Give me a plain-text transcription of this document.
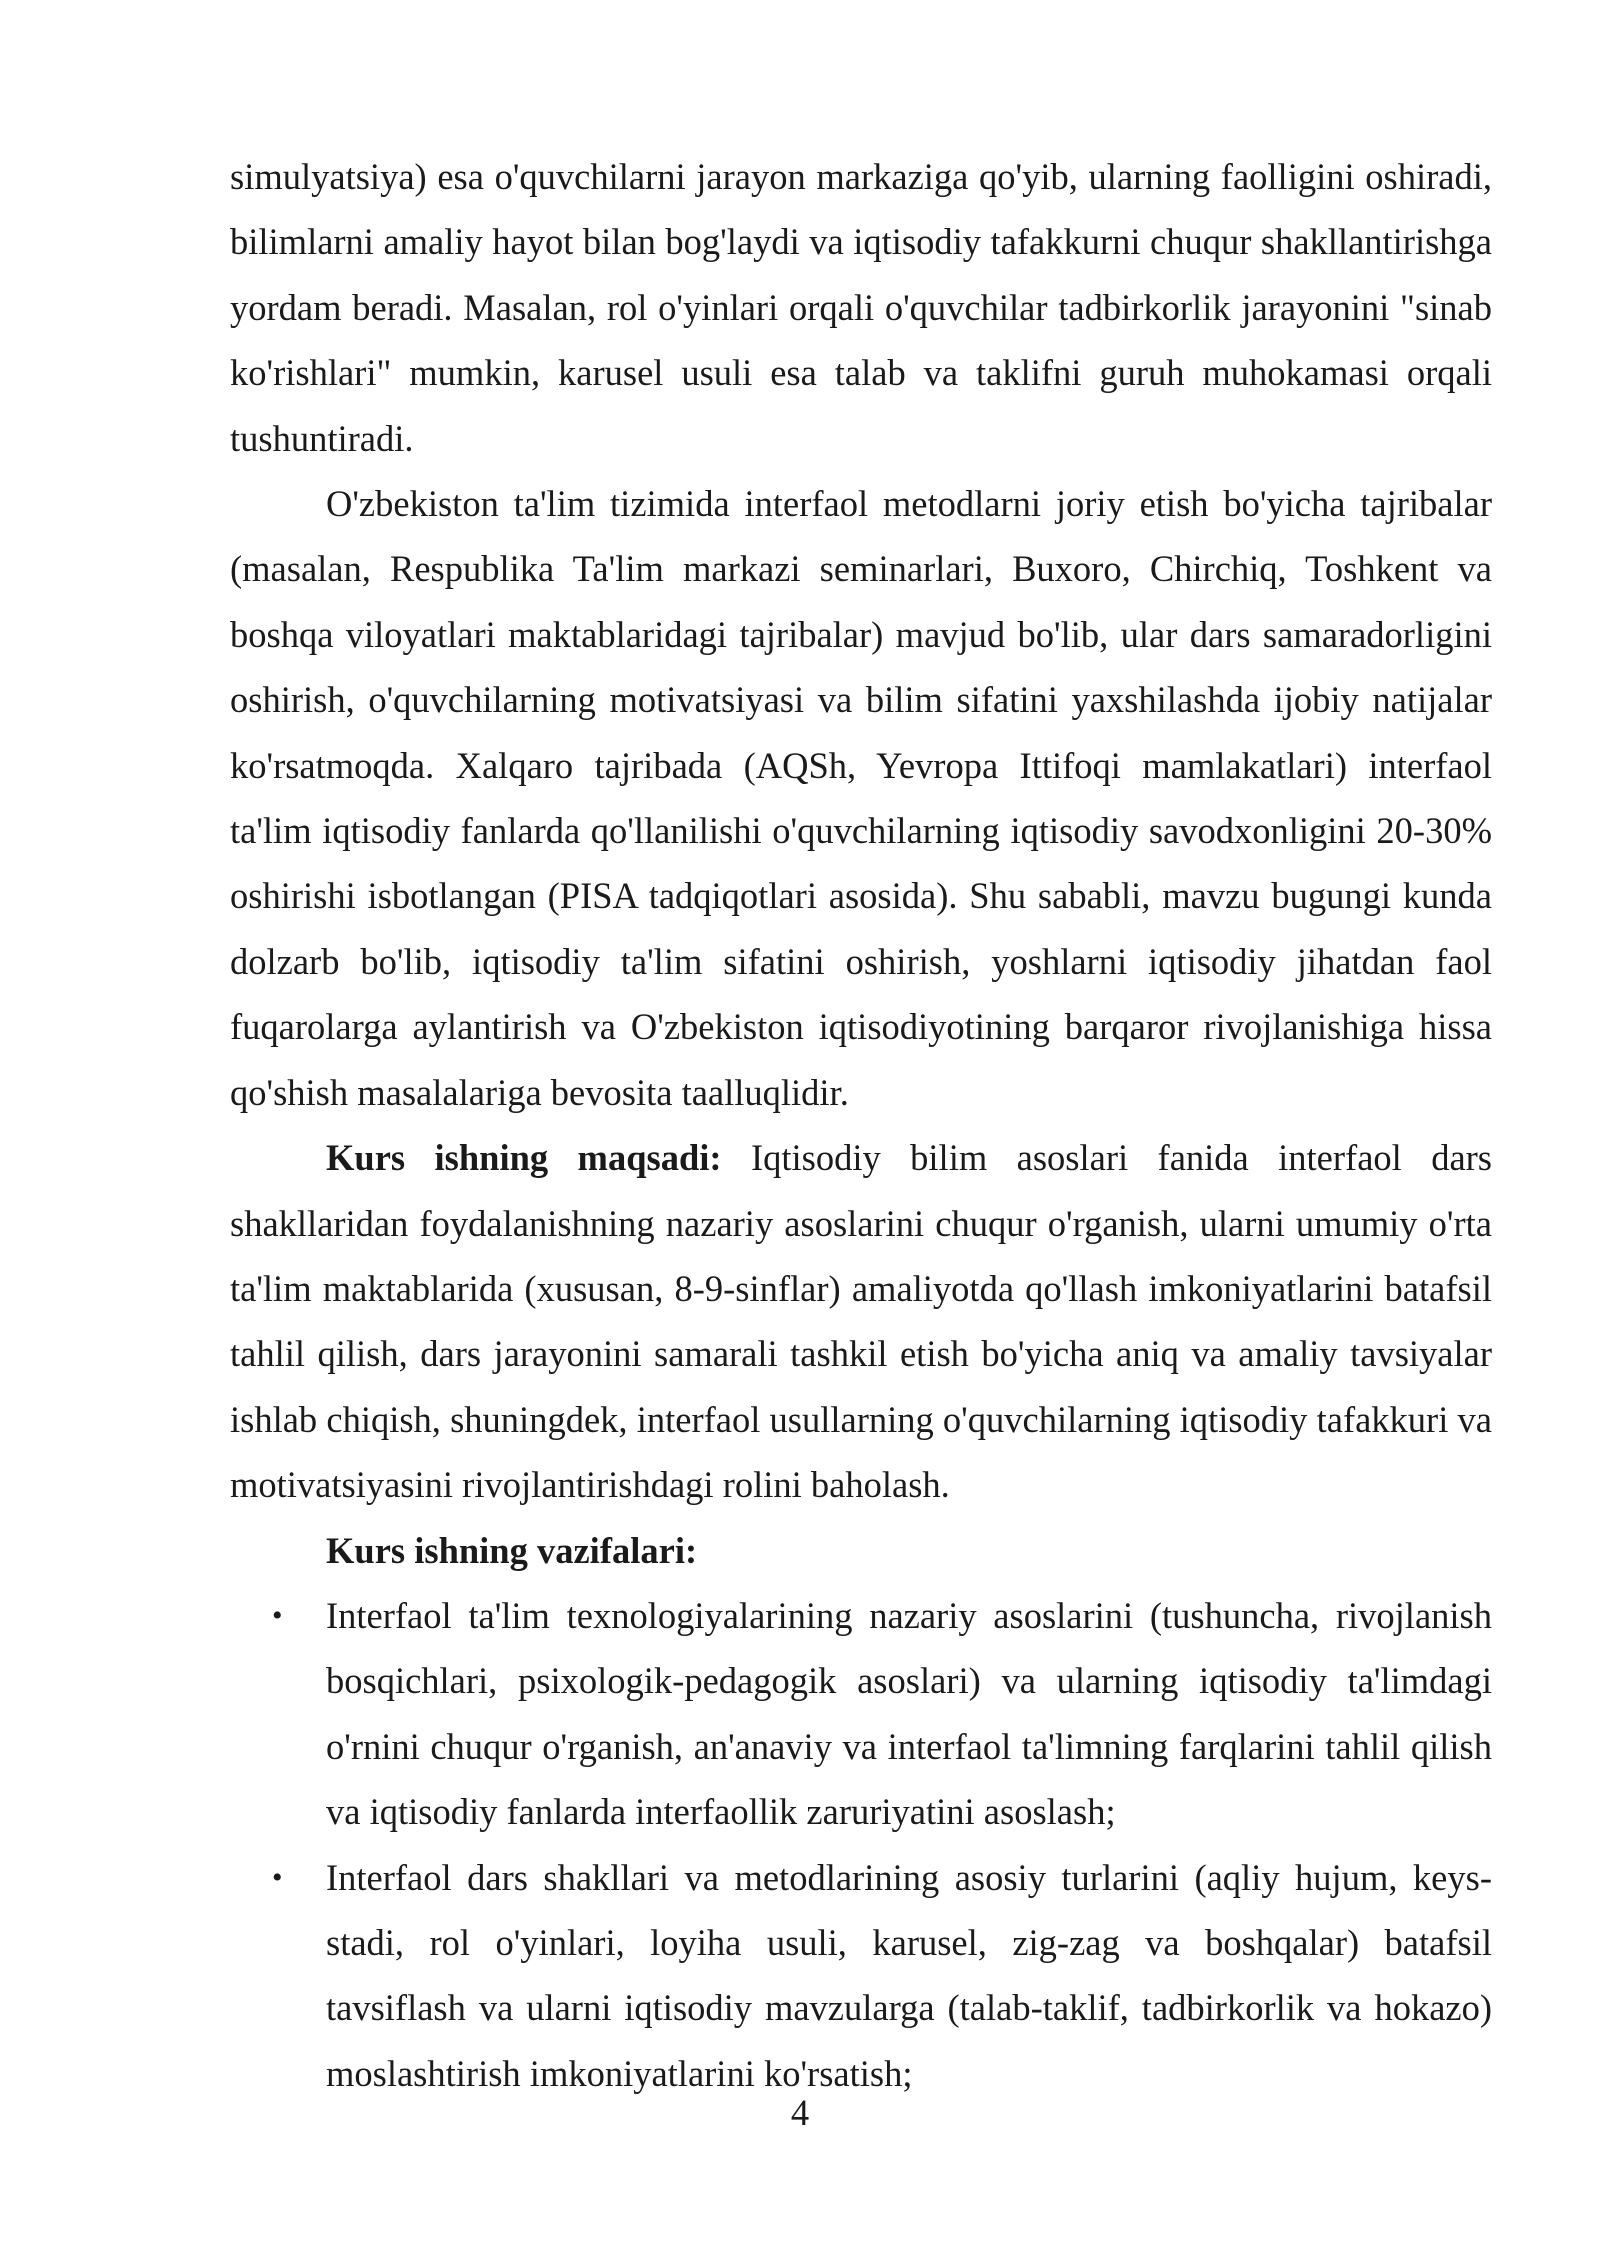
simulyatsiya) esa o'quvchilarni jarayon markaziga qo'yib, ularning faolligini oshiradi, bilimlarni amaliy hayot bilan bog'laydi va iqtisodiy tafakkurni chuqur shakllantirishga yordam beradi. Masalan, rol o'yinlari orqali o'quvchilar tadbirkorlik jarayonini "sinab ko'rishlari" mumkin, karusel usuli esa talab va taklifni guruh muhokamasi orqali tushuntiradi.

O'zbekiston ta'lim tizimida interfaol metodlarni joriy etish bo'yicha tajribalar (masalan, Respublika Ta'lim markazi seminarlari, Buxoro, Chirchiq, Toshkent va boshqa viloyatlari maktablaridagi tajribalar) mavjud bo'lib, ular dars samaradorligini oshirish, o'quvchilarning motivatsiyasi va bilim sifatini yaxshilashda ijobiy natijalar ko'rsatmoqda. Xalqaro tajribada (AQSh, Yevropa Ittifoqi mamlakatlari) interfaol ta'lim iqtisodiy fanlarda qo'llanilishi o'quvchilarning iqtisodiy savodxonligini 20-30% oshirishi isbotlangan (PISA tadqiqotlari asosida). Shu sababli, mavzu bugungi kunda dolzarb bo'lib, iqtisodiy ta'lim sifatini oshirish, yoshlarni iqtisodiy jihatdan faol fuqarolarga aylantirish va O'zbekiston iqtisodiyotining barqaror rivojlanishiga hissa qo'shish masalalariga bevosita taalluqlidir.

Kurs ishning maqsadi: Iqtisodiy bilim asoslari fanida interfaol dars shakllaridan foydalanishning nazariy asoslarini chuqur o'rganish, ularni umumiy o'rta ta'lim maktablarida (xususan, 8-9-sinflar) amaliyotda qo'llash imkoniyatlarini batafsil tahlil qilish, dars jarayonini samarali tashkil etish bo'yicha aniq va amaliy tavsiyalar ishlab chiqish, shuningdek, interfaol usullarning o'quvchilarning iqtisodiy tafakkuri va motivatsiyasini rivojlantirishdagi rolini baholash.

Kurs ishning vazifalari:

• Interfaol ta'lim texnologiyalarining nazariy asoslarini (tushuncha, rivojlanish bosqichlari, psixologik-pedagogik asoslari) va ularning iqtisodiy ta'limdagi o'rnini chuqur o'rganish, an'anaviy va interfaol ta'limning farqlarini tahlil qilish va iqtisodiy fanlarda interfaollik zaruriyatini asoslash;
• Interfaol dars shakllari va metodlarining asosiy turlarini (aqliy hujum, keys-stadi, rol o'yinlari, loyiha usuli, karusel, zig-zag va boshqalar) batafsil tavsiflash va ularni iqtisodiy mavzularga (talab-taklif, tadbirkorlik va hokazo) moslashtirish imkoniyatlarini ko'rsatish;
4
